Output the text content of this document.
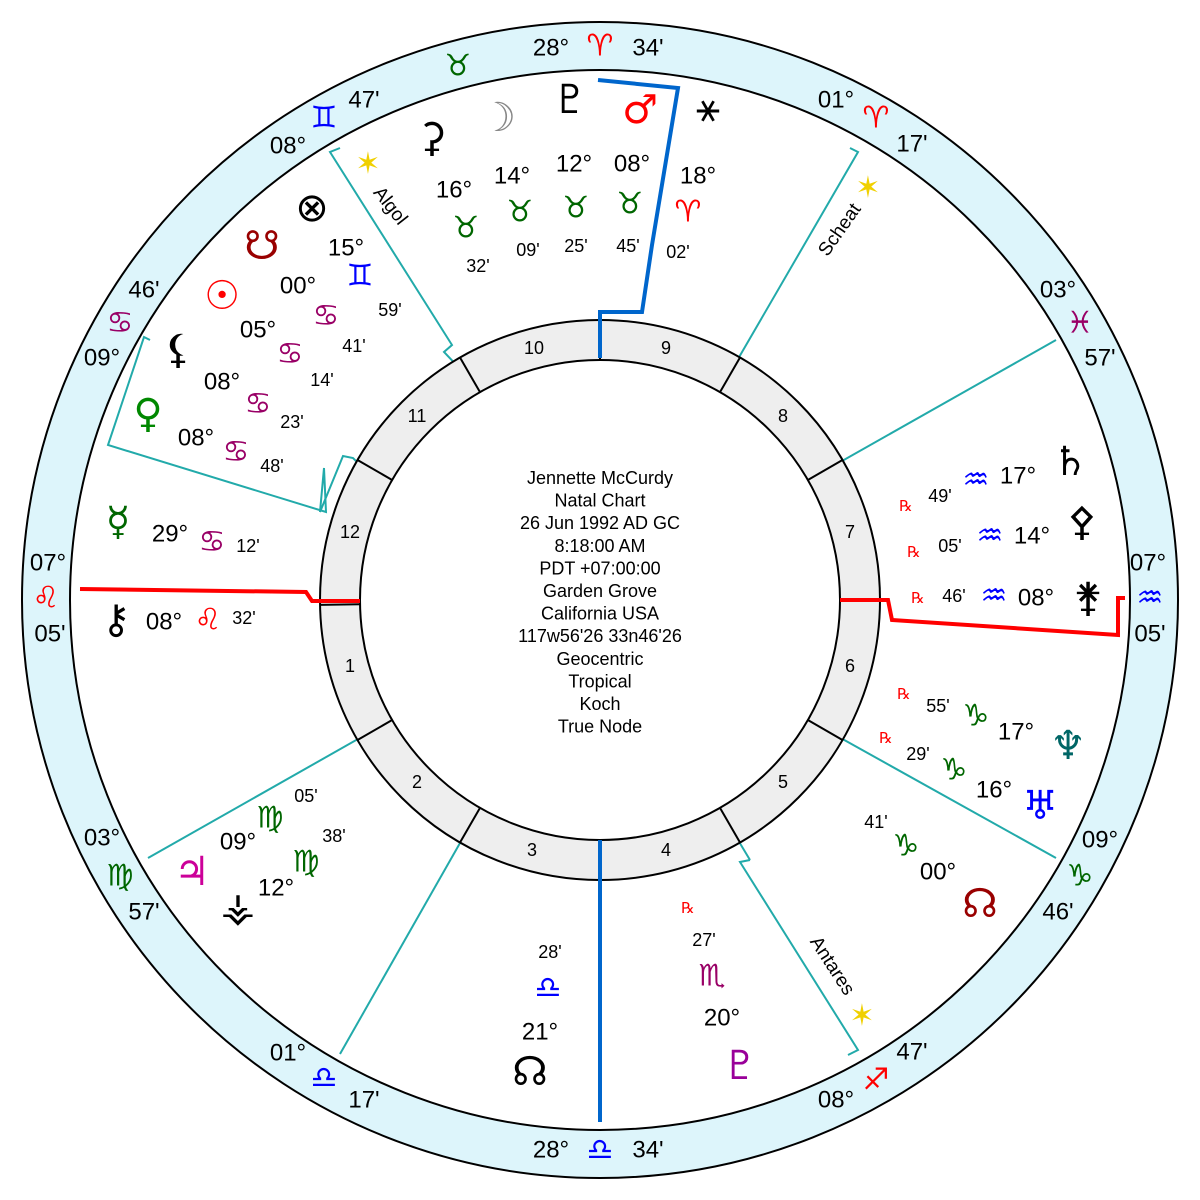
1
2
3	4
5
6
7
8
9
10
11
12
Jennette McCurdy
Natal Chart
26 Jun 1992 AD GC
8:18:00 AM
PDT +07:00:00
Garden Grove
California USA
117w56'26 33n46'26
Geocentric
Tropical
Koch
True Node
28° ♈ 34'
01°
♈
17'
03°
♓
57'
07°
♒
05'
09°
♑
46'
08°
♐
47'
28° ♎ 34'
01°
♎
17'
03°
♍
57'
07°
♌
05'
09°
♋
46'
08°
♊
47'
♉
⚳
16°
♉
32'
☽
14°
♉
09'
♇
12°
♉
25'
♂
08°
♉
45'
⚹
18°
♈
02'
⊗
15°
♊
59'
☋
00°
♋
41'
☉
05°
♋
14'
⚸
08°
♋
23'
♀
08° ♋ 48'
☿ 29° ♋ 12'
⚷ 08° ♌ 32'
♃
09°
♍
05'
⚶ 12°
♍
38'
☊
21°
♎
28'
♇
20°
♏
27'
℞	☊
00°
♑
41'	♅
16°
♑
29'
℞	♆
17°
♑
55'
℞
⚵
08°
♒
46'
℞
⚴
14°
♒
05'
℞
♄
17°
♒
49'
℞
✶
Algol	✶
Scheat
✶
Antares
